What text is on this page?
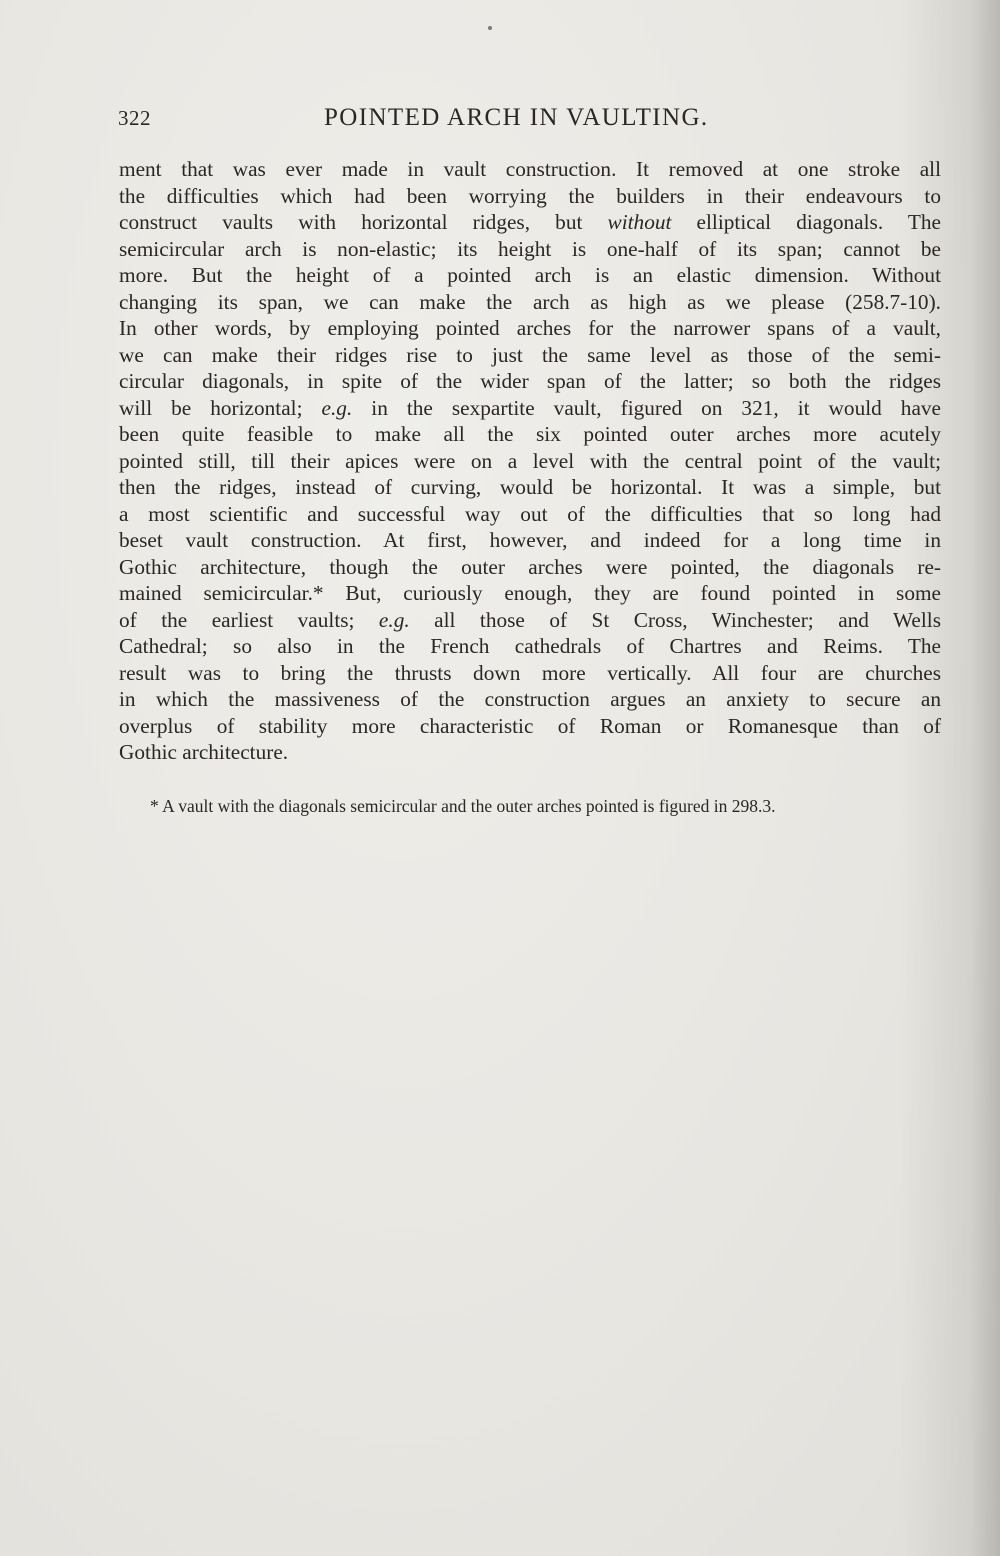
322	POINTED ARCH IN VAULTING.
ment that was ever made in vault construction. It removed at one stroke all
the difficulties which had been worrying the builders in their endeavours to
construct vaults with horizontal ridges, but without elliptical diagonals. The
semicircular arch is non-elastic; its height is one-half of its span; cannot be
more. But the height of a pointed arch is an elastic dimension. Without
changing its span, we can make the arch as high as we please (258.7-10).
In other words, by employing pointed arches for the narrower spans of a vault,
we can make their ridges rise to just the same level as those of the semi-
circular diagonals, in spite of the wider span of the latter; so both the ridges
will be horizontal; e.g. in the sexpartite vault, figured on 321, it would have
been quite feasible to make all the six pointed outer arches more acutely
pointed still, till their apices were on a level with the central point of the vault;
then the ridges, instead of curving, would be horizontal. It was a simple, but
a most scientific and successful way out of the difficulties that so long had
beset vault construction. At first, however, and indeed for a long time in
Gothic architecture, though the outer arches were pointed, the diagonals re-
mained semicircular.* But, curiously enough, they are found pointed in some
of the earliest vaults; e.g. all those of St Cross, Winchester; and Wells
Cathedral; so also in the French cathedrals of Chartres and Reims. The
result was to bring the thrusts down more vertically. All four are churches
in which the massiveness of the construction argues an anxiety to secure an
overplus of stability more characteristic of Roman or Romanesque than of
Gothic architecture.
* A vault with the diagonals semicircular and the outer arches pointed is figured in 298.3.
